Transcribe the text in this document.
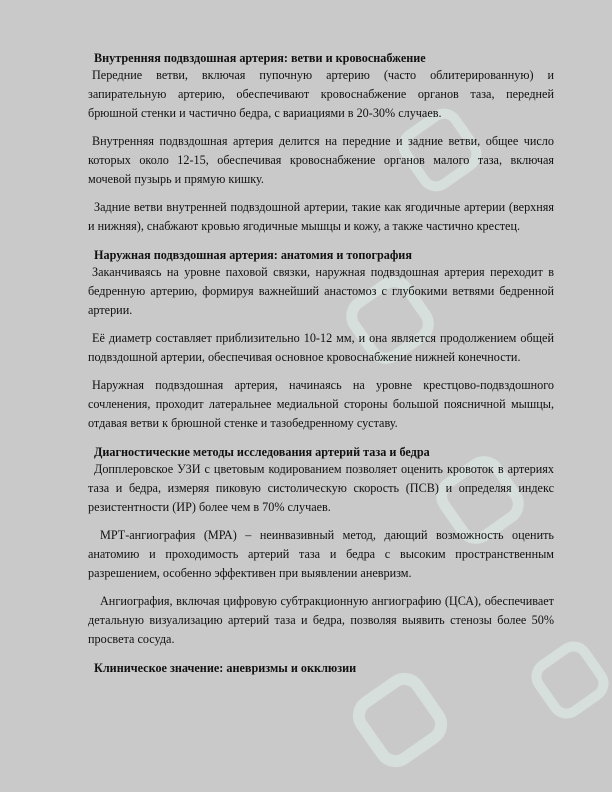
Внутренняя подвздошная артерия: ветви и кровоснабжение

Передние ветви, включая пупочную артерию (часто облитерированную) и запирательную артерию, обеспечивают кровоснабжение органов таза, передней брюшной стенки и частично бедра, с вариациями в 20-30% случаев.

Внутренняя подвздошная артерия делится на передние и задние ветви, общее число которых около 12-15, обеспечивая кровоснабжение органов малого таза, включая мочевой пузырь и прямую кишку.

Задние ветви внутренней подвздошной артерии, такие как ягодичные артерии (верхняя и нижняя), снабжают кровью ягодичные мышцы и кожу, а также частично крестец.

Наружная подвздошная артерия: анатомия и топография

Заканчиваясь на уровне паховой связки, наружная подвздошная артерия переходит в бедренную артерию, формируя важнейший анастомоз с глубокими ветвями бедренной артерии.

Её диаметр составляет приблизительно 10-12 мм, и она является продолжением общей подвздошной артерии, обеспечивая основное кровоснабжение нижней конечности.

Наружная подвздошная артерия, начинаясь на уровне крестцово-подвздошного сочленения, проходит латеральнее медиальной стороны большой поясничной мышцы, отдавая ветви к брюшной стенке и тазобедренному суставу.

Диагностические методы исследования артерий таза и бедра

Допплеровское УЗИ с цветовым кодированием позволяет оценить кровоток в артериях таза и бедра, измеряя пиковую систолическую скорость (ПСВ) и определяя индекс резистентности (ИР) более чем в 70% случаев.

МРТ-ангиография (МРА) – неинвазивный метод, дающий возможность оценить анатомию и проходимость артерий таза и бедра с высоким пространственным разрешением, особенно эффективен при выявлении аневризм.

Ангиография, включая цифровую субтракционную ангиографию (ЦСА), обеспечивает детальную визуализацию артерий таза и бедра, позволяя выявить стенозы более 50% просвета сосуда.

Клиническое значение: аневризмы и окклюзии
